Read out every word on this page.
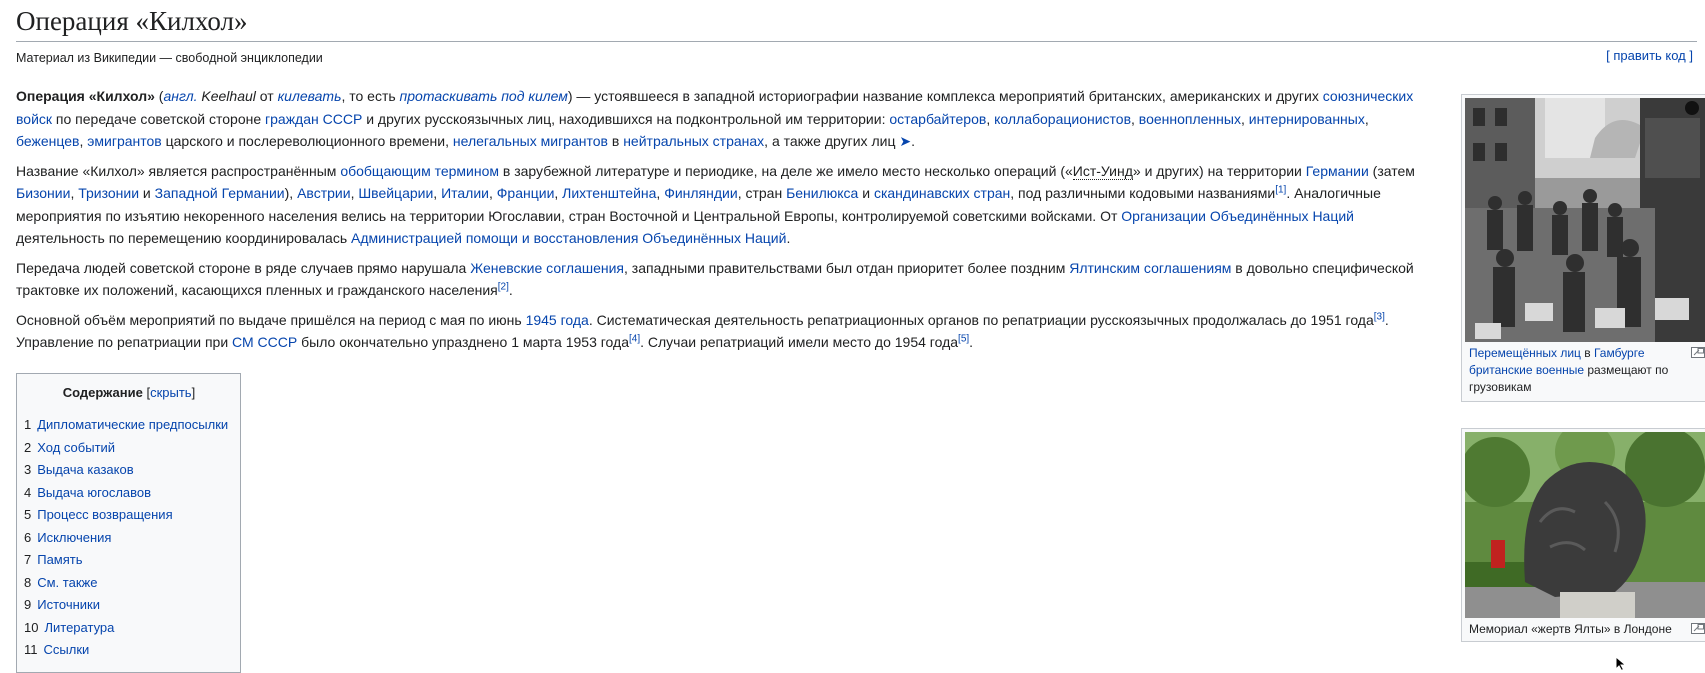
Операция «Килхол»
Материал из Википедии — свободной энциклопедии	[ править код ]

Операция «Килхол» (англ. Keelhaul от килевать, то есть протаскивать под килем) — устоявшееся в западной историографии название комплекса мероприятий британских, американских и других союзнических войск по передаче советской стороне граждан СССР и других русскоязычных лиц, находившихся на подконтрольной им территории: остарбайтеров, коллаборационистов, военнопленных, интернированных, беженцев, эмигрантов царского и послереволюционного времени, нелегальных мигрантов в нейтральных странах, а также других лиц ➤.

Название «Килхол» является распространённым обобщающим термином в зарубежной литературе и периодике, на деле же имело место несколько операций («Ист-Уинд» и других) на территории Германии (затем Бизонии, Тризонии и Западной Германии), Австрии, Швейцарии, Италии, Франции, Лихтенштейна, Финляндии, стран Бенилюкса и скандинавских стран, под различными кодовыми названиями[1]. Аналогичные мероприятия по изъятию некоренного населения велись на территории Югославии, стран Восточной и Центральной Европы, контролируемой советскими войсками. От Организации Объединённых Наций деятельность по перемещению координировалась Администрацией помощи и восстановления Объединённых Наций.

Передача людей советской стороне в ряде случаев прямо нарушала Женевские соглашения, западными правительствами был отдан приоритет более поздним Ялтинским соглашениям в довольно специфической трактовке их положений, касающихся пленных и гражданского населения[2].

Основной объём мероприятий по выдаче пришёлся на период с мая по июнь 1945 года. Систематическая деятельность репатриационных органов по репатриации русскоязычных продолжалась до 1951 года[3]. Управление по репатриации при СМ СССР было окончательно упразднено 1 марта 1953 года[4]. Случаи репатриаций имели место до 1954 года[5].

Содержание [скрыть]
1 Дипломатические предпосылки
2 Ход событий
3 Выдача казаков
4 Выдача югославов
5 Процесс возвращения
6 Исключения
7 Память
8 См. также
9 Источники
10 Литература
11 Ссылки
Перемещённых лиц в Гамбурге британские военные размещают по грузовикам
Мемориал «жертв Ялты» в Лондоне
